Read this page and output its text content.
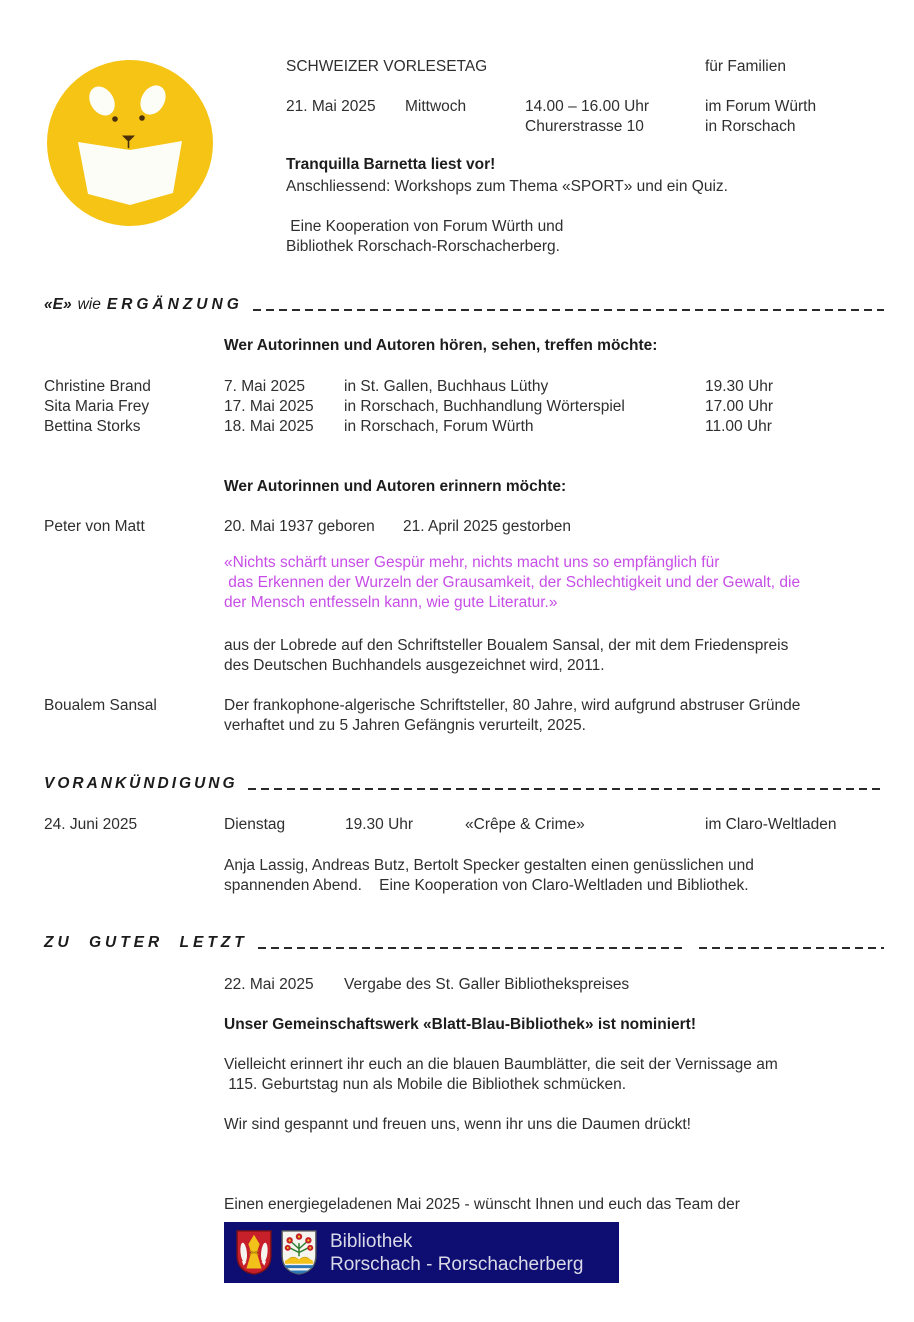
SCHWEIZER VORLESETAG	für Familien
21. Mai 2025 Mittwoch	14.00 – 16.00 Uhr	im Forum Würth
Churerstrasse 10	in Rorschach
Tranquilla Barnetta liest vor!
Anschliessend: Workshops zum Thema «SPORT» und ein Quiz.
Eine Kooperation von Forum Würth und
Bibliothek Rorschach-Rorschacherberg.
«E» wie ERGÄNZUNG
Wer Autorinnen und Autoren hören, sehen, treffen möchte:
Christine Brand	7. Mai 2025	in St. Gallen, Buchhaus Lüthy	19.30 Uhr
Sita Maria Frey	17. Mai 2025 in Rorschach, Buchhandlung Wörterspiel	17.00 Uhr
Bettina Storks	18. Mai 2025 in Rorschach, Forum Würth	11.00 Uhr
Wer Autorinnen und Autoren erinnern möchte:
Peter von Matt	20. Mai 1937 geboren 21. April 2025 gestorben
«Nichts schärft unser Gespür mehr, nichts macht uns so empfänglich für
das Erkennen der Wurzeln der Grausamkeit, der Schlechtigkeit und der Gewalt, die
der Mensch entfesseln kann, wie gute Literatur.»
aus der Lobrede auf den Schriftsteller Boualem Sansal, der mit dem Friedenspreis
des Deutschen Buchhandels ausgezeichnet wird, 2011.
Boualem Sansal	Der frankophone-algerische Schriftsteller, 80 Jahre, wird aufgrund abstruser Gründe
verhaftet und zu 5 Jahren Gefängnis verurteilt, 2025.
VORANKÜNDIGUNG
24. Juni 2025	Dienstag	19.30 Uhr	«Crêpe & Crime»	im Claro-Weltladen
Anja Lassig, Andreas Butz, Bertolt Specker gestalten einen genüsslichen und
spannenden Abend.    Eine Kooperation von Claro-Weltladen und Bibliothek.
ZU GUTER LETZT
22. Mai 2025 Vergabe des St. Galler Bibliothekspreises
Unser Gemeinschaftswerk «Blatt-Blau-Bibliothek» ist nominiert!
Vielleicht erinnert ihr euch an die blauen Baumblätter, die seit der Vernissage am
115. Geburtstag nun als Mobile die Bibliothek schmücken.
Wir sind gespannt und freuen uns, wenn ihr uns die Daumen drückt!
Einen energiegeladenen Mai 2025 - wünscht Ihnen und euch das Team der
Bibliothek
Rorschach - Rorschacherberg
